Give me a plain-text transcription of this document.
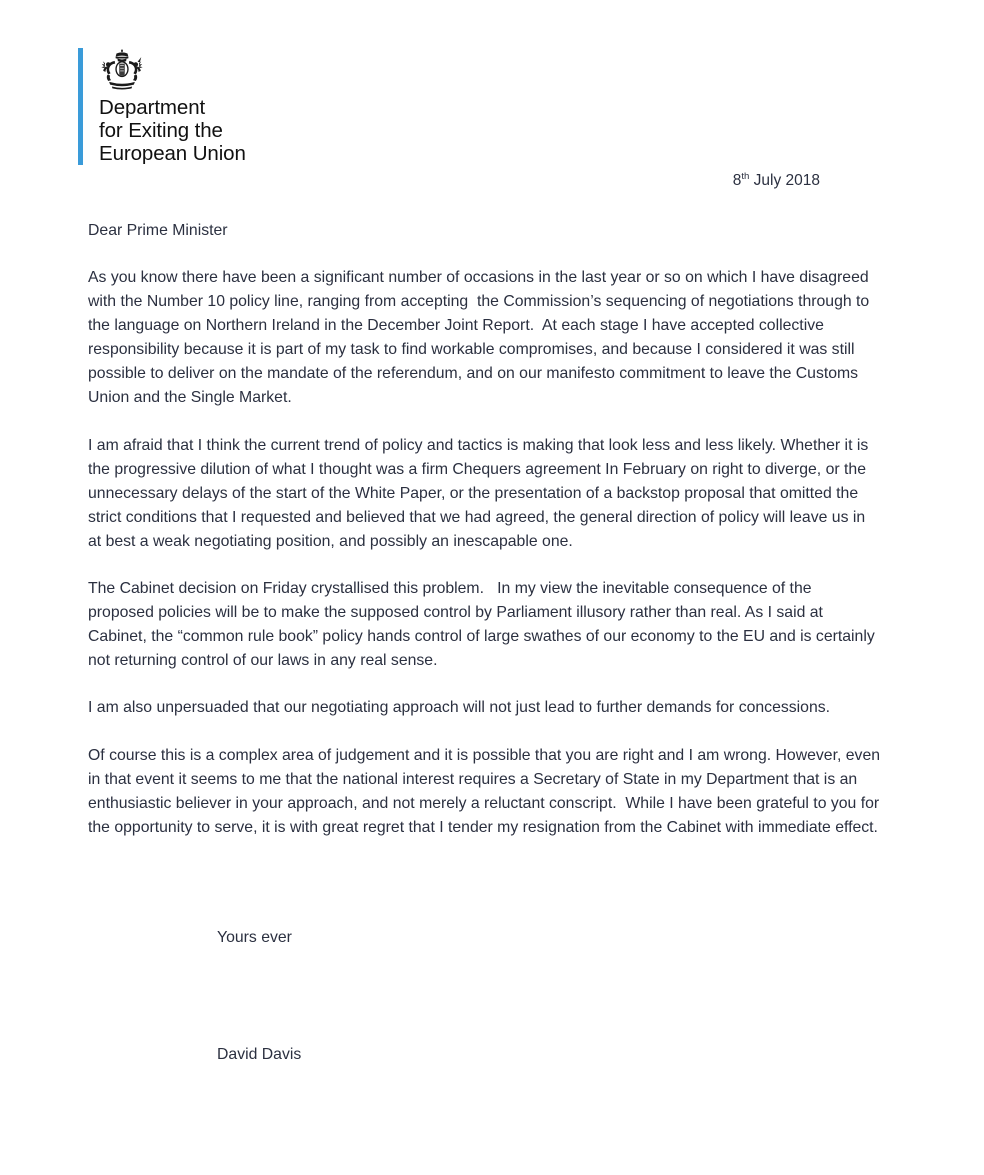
Department
for Exiting the
European Union
8th July 2018

Dear Prime Minister

As you know there have been a significant number of occasions in the last year or so on which I have disagreed with the Number 10 policy line, ranging from accepting  the Commission’s sequencing of negotiations through to the language on Northern Ireland in the December Joint Report.  At each stage I have accepted collective responsibility because it is part of my task to find workable compromises, and because I considered it was still possible to deliver on the mandate of the referendum, and on our manifesto commitment to leave the Customs Union and the Single Market.

I am afraid that I think the current trend of policy and tactics is making that look less and less likely. Whether it is the progressive dilution of what I thought was a firm Chequers agreement In February on right to diverge, or the unnecessary delays of the start of the White Paper, or the presentation of a backstop proposal that omitted the strict conditions that I requested and believed that we had agreed, the general direction of policy will leave us in at best a weak negotiating position, and possibly an inescapable one.

The Cabinet decision on Friday crystallised this problem.   In my view the inevitable consequence of the proposed policies will be to make the supposed control by Parliament illusory rather than real. As I said at Cabinet, the “common rule book” policy hands control of large swathes of our economy to the EU and is certainly not returning control of our laws in any real sense.

I am also unpersuaded that our negotiating approach will not just lead to further demands for concessions.

Of course this is a complex area of judgement and it is possible that you are right and I am wrong. However, even in that event it seems to me that the national interest requires a Secretary of State in my Department that is an enthusiastic believer in your approach, and not merely a reluctant conscript.  While I have been grateful to you for the opportunity to serve, it is with great regret that I tender my resignation from the Cabinet with immediate effect.

Yours ever
David Davis
